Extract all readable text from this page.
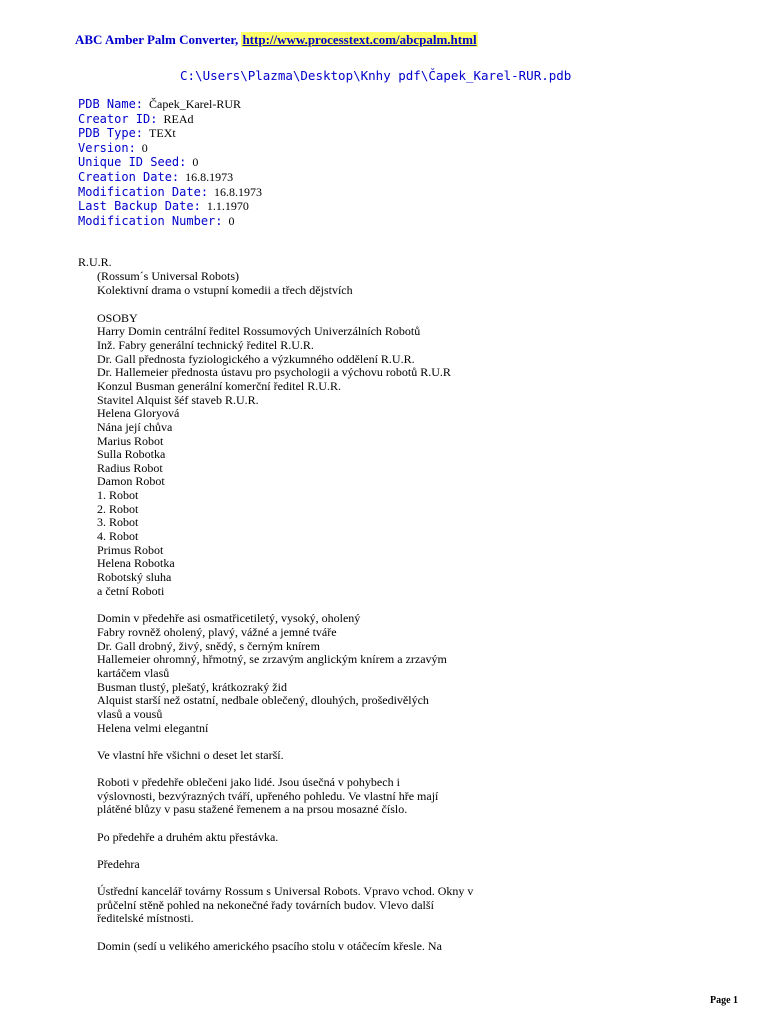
ABC Amber Palm Converter, http://www.processtext.com/abcpalm.html
C:\Users\Plazma\Desktop\Knhy pdf\Čapek_Karel-RUR.pdb
PDB Name: Čapek_Karel-RUR
Creator ID: REAd
PDB Type: TEXt
Version: 0
Unique ID Seed: 0
Creation Date: 16.8.1973
Modification Date: 16.8.1973
Last Backup Date: 1.1.1970
Modification Number: 0
R.U.R.
(Rossum´s Universal Robots)
Kolektivní drama o vstupní komedii a třech dějstvích
OSOBY
Harry Domin centrální ředitel Rossumových Univerzálních Robotů
Inž. Fabry generální technický ředitel R.U.R.
Dr. Gall přednosta fyziologického a výzkumného oddělení R.U.R.
Dr. Hallemeier přednosta ústavu pro psychologii a výchovu robotů R.U.R
Konzul Busman generální komerční ředitel R.U.R.
Stavitel Alquist šéf staveb R.U.R.
Helena Gloryová
Nána její chůva
Marius Robot
Sulla Robotka
Radius Robot
Damon Robot
1. Robot
2. Robot
3. Robot
4. Robot
Primus Robot
Helena Robotka
Robotský sluha
a četní Roboti
Domin v předehře asi osmatřicetiletý, vysoký, oholený
Fabry rovněž oholený, plavý, vážné a jemné tváře
Dr. Gall drobný, živý, snědý, s černým knírem
Hallemeier ohromný, hřmotný, se zrzavým anglickým knírem a zrzavým
kartáčem vlasů
Busman tlustý, plešatý, krátkozraký žid
Alquist starší než ostatní, nedbale oblečený, dlouhých, prošedivělých
vlasů a vousů
Helena velmi elegantní
Ve vlastní hře všichni o deset let starší.
Roboti v předehře oblečeni jako lidé. Jsou úsečná v pohybech i
výslovnosti, bezvýrazných tváří, upřeného pohledu. Ve vlastní hře mají
plátěné blůzy v pasu stažené řemenem a na prsou mosazné číslo.
Po předehře a druhém aktu přestávka.
Předehra
Ústřední kancelář továrny Rossum s Universal Robots. Vpravo vchod. Okny v
průčelní stěně pohled na nekonečné řady továrních budov. Vlevo další
ředitelské místnosti.
Domin (sedí u velikého amerického psacího stolu v otáčecím křesle. Na
Page 1
